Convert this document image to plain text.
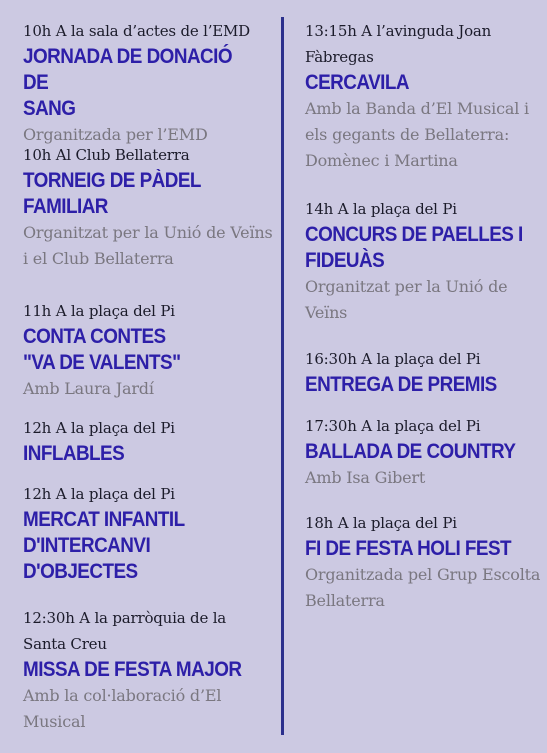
10h A la sala d’actes de l’EMD
JORNADA DE DONACIÓ DE
SANG
Organitzada per l’EMD
10h Al Club Bellaterra
TORNEIG DE PÀDEL
FAMILIAR
Organitzat per la Unió de Veïns i el Club Bellaterra
11h A la plaça del Pi
CONTA CONTES
"VA DE VALENTS"
Amb Laura Jardí
12h A la plaça del Pi
INFLABLES
12h A la plaça del Pi
MERCAT INFANTIL
D'INTERCANVI
D'OBJECTES
12:30h A la parròquia de la Santa Creu
MISSA DE FESTA MAJOR
Amb la col·laboració d’El Musical
13:15h A l’avinguda Joan Fàbregas
CERCAVILA
Amb la Banda d’El Musical i els gegants de Bellaterra: Domènec i Martina
14h A la plaça del Pi
CONCURS DE PAELLES I
FIDEUÀS
Organitzat per la Unió de Veïns
16:30h A la plaça del Pi
ENTREGA DE PREMIS
17:30h A la plaça del Pi
BALLADA DE COUNTRY
Amb Isa Gibert
18h A la plaça del Pi
FI DE FESTA HOLI FEST
Organitzada pel Grup Escolta Bellaterra
